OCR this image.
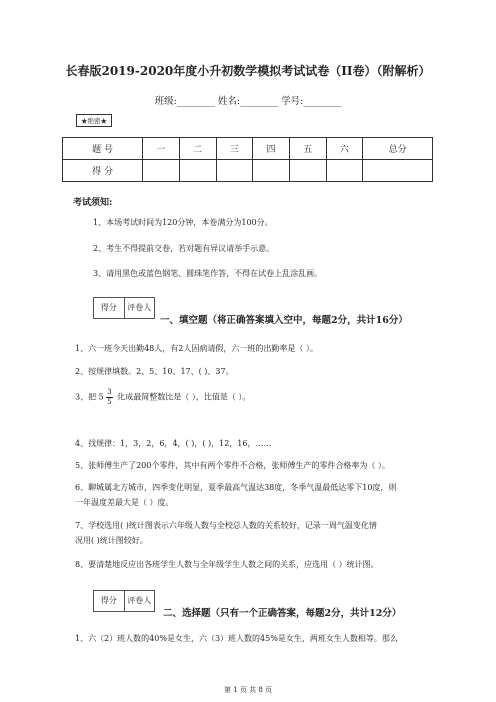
长春版2019-2020年度小升初数学模拟考试试卷（II卷）（附解析）
班级:________ 姓名:________ 学号:________
★绝密★
题 号	一	二	三	四	五	六	总分
得 分							
考试须知:
1、本场考试时间为120分钟，本卷满分为100分。
2、考生不得提前交卷，若对题有异议请举手示意。
3、请用黑色或蓝色钢笔、圆珠笔作答，不得在试卷上乱涂乱画。
得分	评卷人
一、填空题（将正确答案填入空中，每题2分，共计16分）
1、六一班今天出勤48人，有2人因病请假，六一班的出勤率是（ ）。
2、按规律填数。2、5、10、17、( )、37。
3、把 $5 \frac{3}{5}$ 化成最简整数比是（ ），比值是（ ）。
4、找规律：1，3，2，6，4，( )，( )，12，16，……
5、张师傅生产了200个零件，其中有两个零件不合格，张师傅生产的零件合格率为（ ）。
6、聊城属北方城市，四季变化明显，夏季最高气温达38度，冬季气温最低达零下10度，则
一年温度差最大是（ ）度。
7、学校选用( )统计图表示六年级人数与全校总人数的关系较好，记录一周气温变化情
况用( )统计图较好。
8、要清楚地反应出各班学生人数与全年级学生人数之间的关系，应选用（ ）统计图。
得分	评卷人
二、选择题（只有一个正确答案，每题2分，共计12分）
1、六（2）班人数的40%是女生，六（3）班人数的45%是女生，两班女生人数相等。那么
第 1 页 共 8 页
